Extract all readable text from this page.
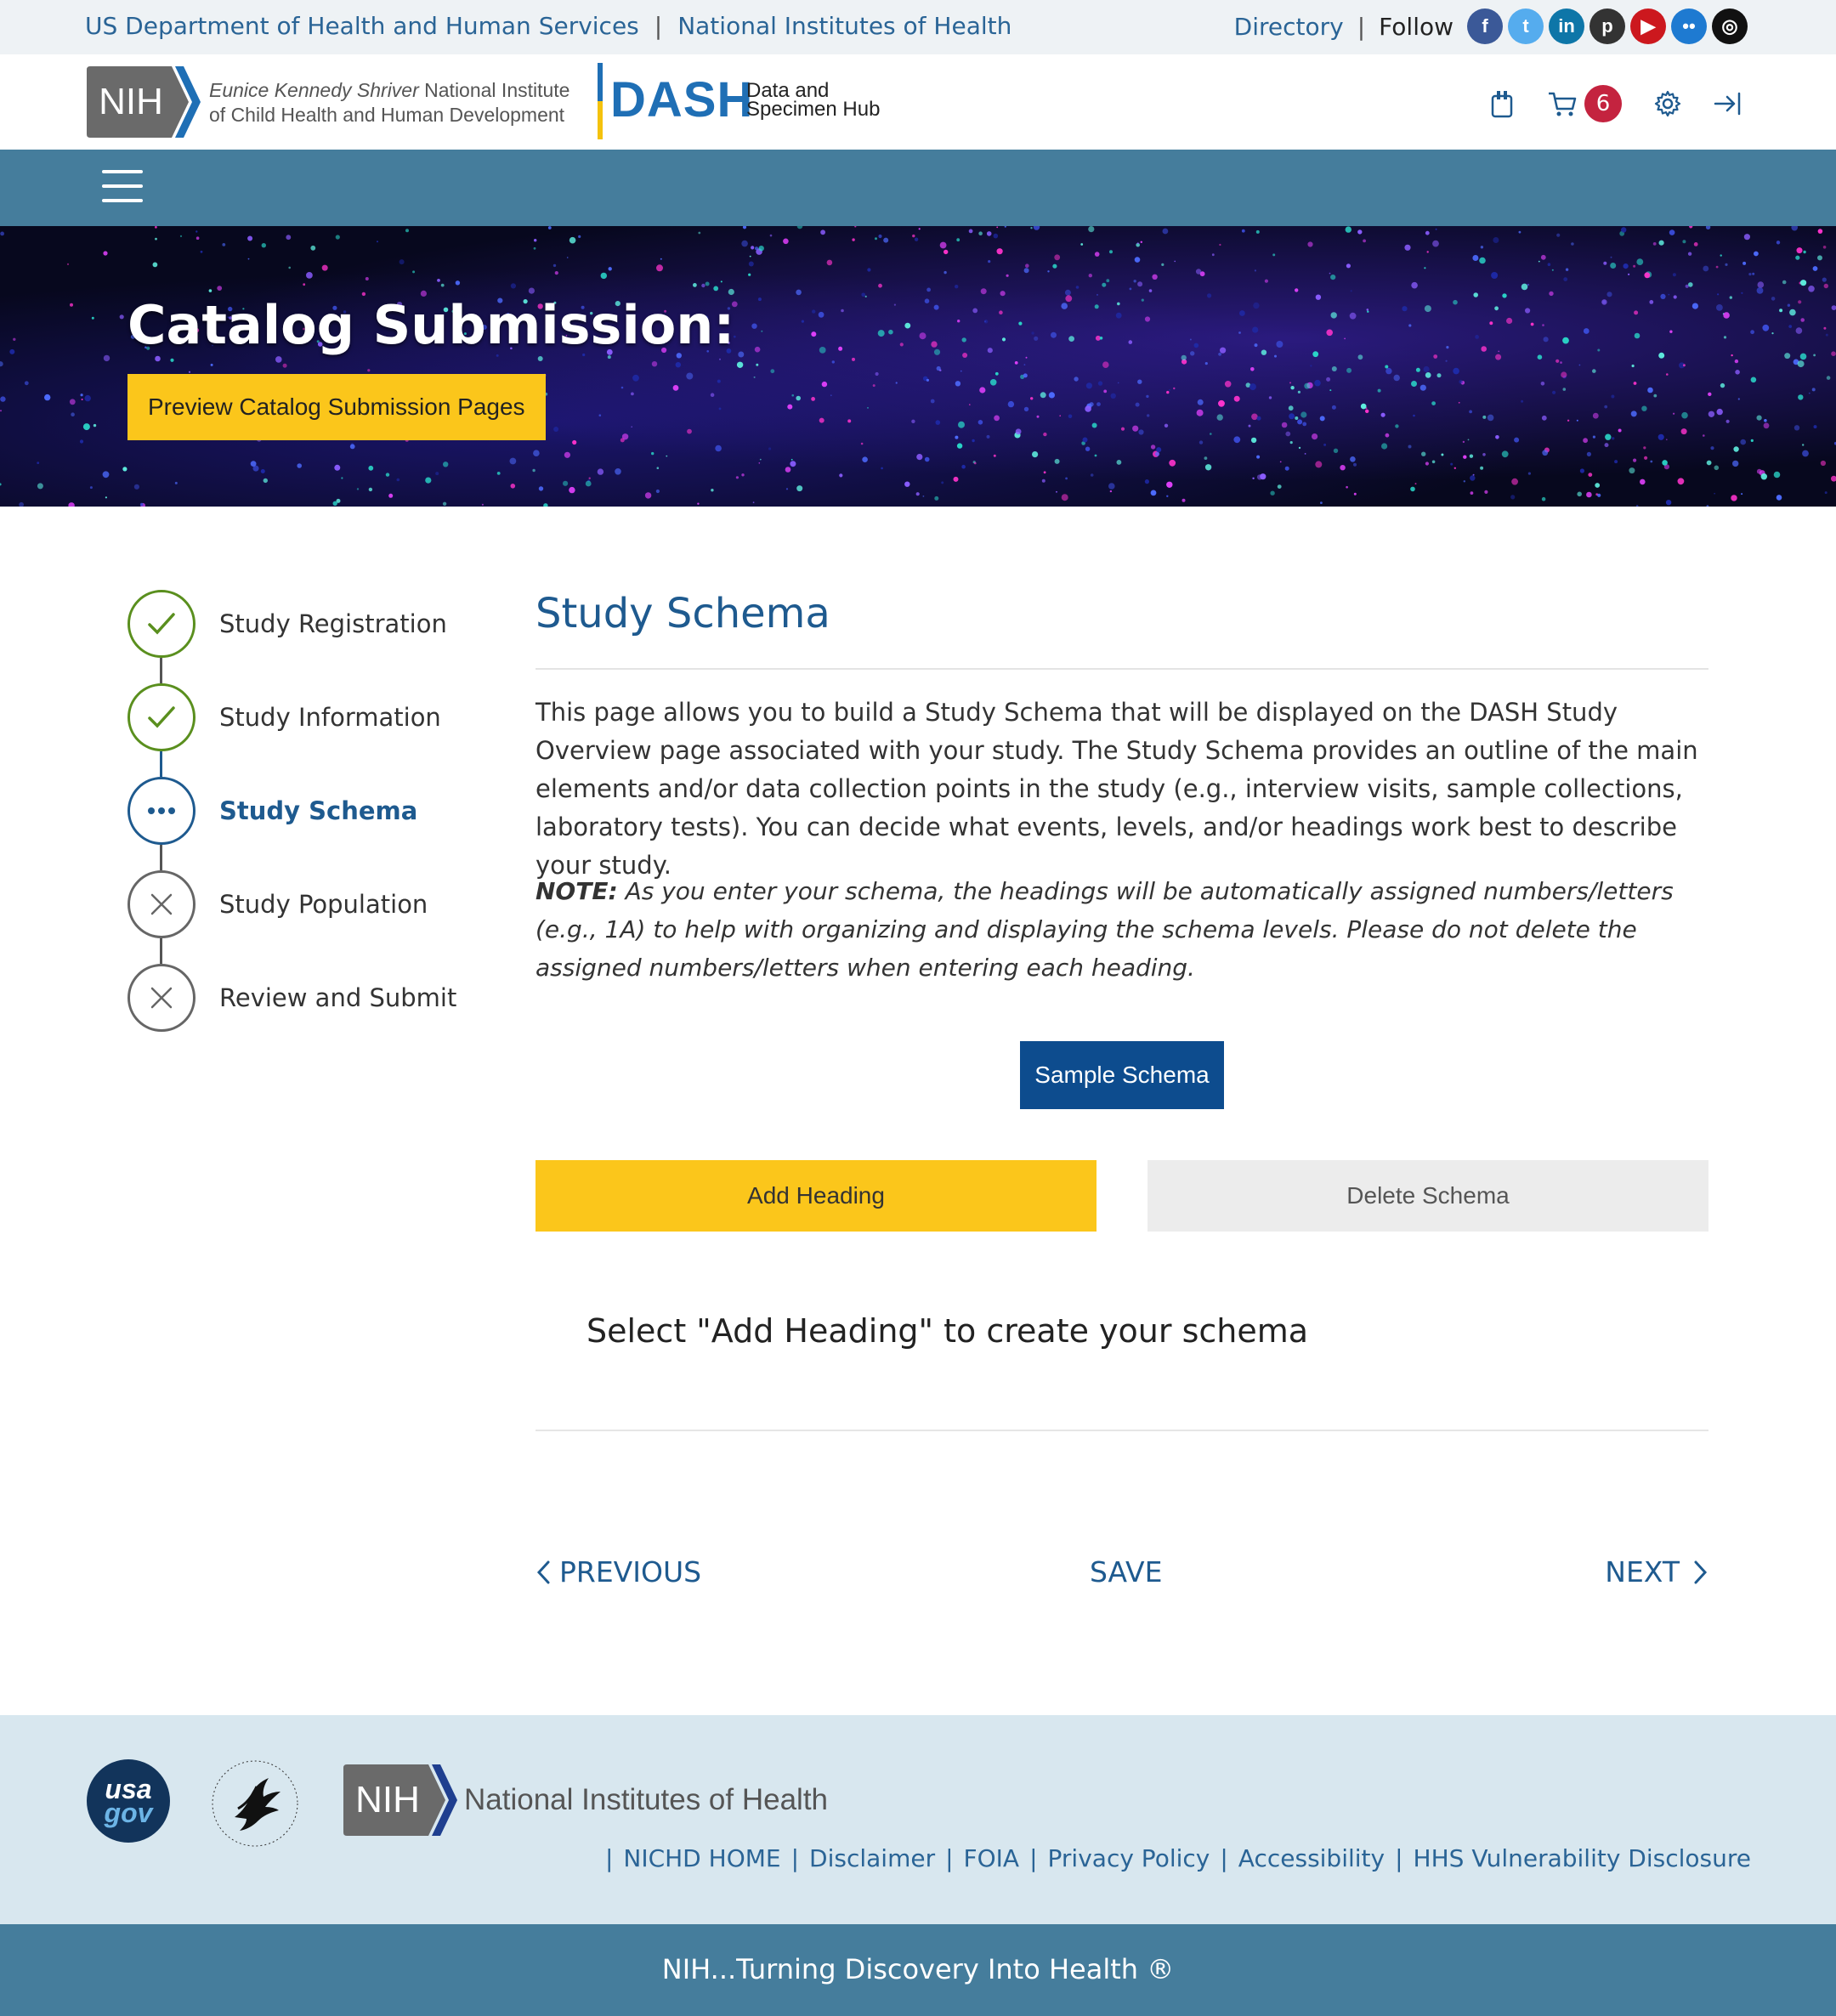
US Department of Health and Human Services | National Institutes of Health	Directory | Follow	f	t	in	p	▶	••	◎
NIH Eunice Kennedy Shriver National Institute
of Child Health and Human Development DASH
Data and
Specimen Hub	6
Catalog Submission:
Preview Catalog Submission Pages
Study Registration
Study Information
Study Schema
Study Population
Review and Submit
Study Schema

This page allows you to build a Study Schema that will be displayed on the DASH Study Overview page associated with your study. The Study Schema provides an outline of the main elements and/or data collection points in the study (e.g., interview visits, sample collections, laboratory tests). You can decide what events, levels, and/or headings work best to describe your study.

NOTE: As you enter your schema, the headings will be automatically assigned numbers/letters (e.g., 1A) to help with organizing and displaying the schema levels. Please do not delete the assigned numbers/letters when entering each heading.

Sample Schema
Add Heading	Delete Schema
Select "Add Heading" to create your schema
PREVIOUS	SAVE	NEXT
usa
gov	NIH National Institutes of Health
| NICHD HOME | Disclaimer | FOIA | Privacy Policy | Accessibility | HHS Vulnerability Disclosure
NIH...Turning Discovery Into Health ®
